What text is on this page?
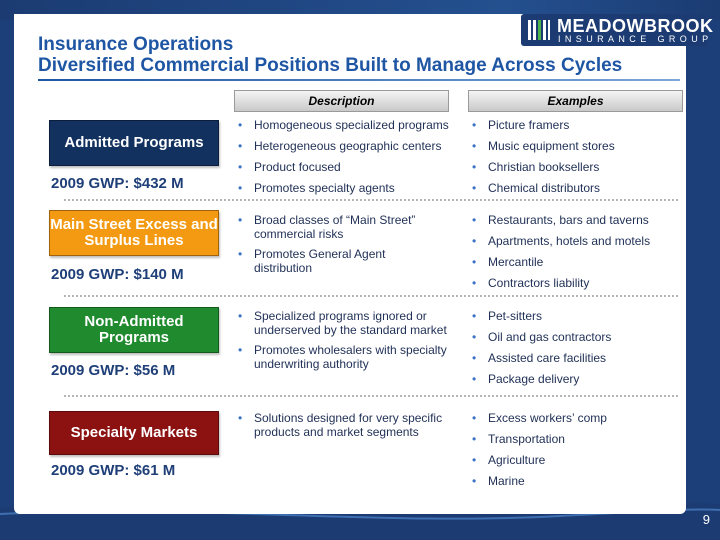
MEADOWBROOK
INSURANCE GROUP
Insurance Operations
Diversified Commercial Positions Built to Manage Across Cycles
Description	Examples
Admitted Programs
2009 GWP: $432 M
• Homogeneous specialized programs
• Heterogeneous geographic centers
• Product focused
• Promotes specialty agents
• Picture framers
• Music equipment stores
• Christian booksellers
• Chemical distributors
Main Street Excess and Surplus Lines
2009 GWP: $140 M
• Broad classes of “Main Street” commercial risks
• Promotes General Agent distribution
• Restaurants, bars and taverns
• Apartments, hotels and motels
• Mercantile
• Contractors liability
Non-Admitted Programs
2009 GWP: $56 M
• Specialized programs ignored or underserved by the standard market
• Promotes wholesalers with specialty underwriting authority
• Pet-sitters
• Oil and gas contractors
• Assisted care facilities
• Package delivery
Specialty Markets
2009 GWP: $61 M
• Solutions designed for very specific products and market segments
• Excess workers’ comp
• Transportation
• Agriculture
• Marine
9
